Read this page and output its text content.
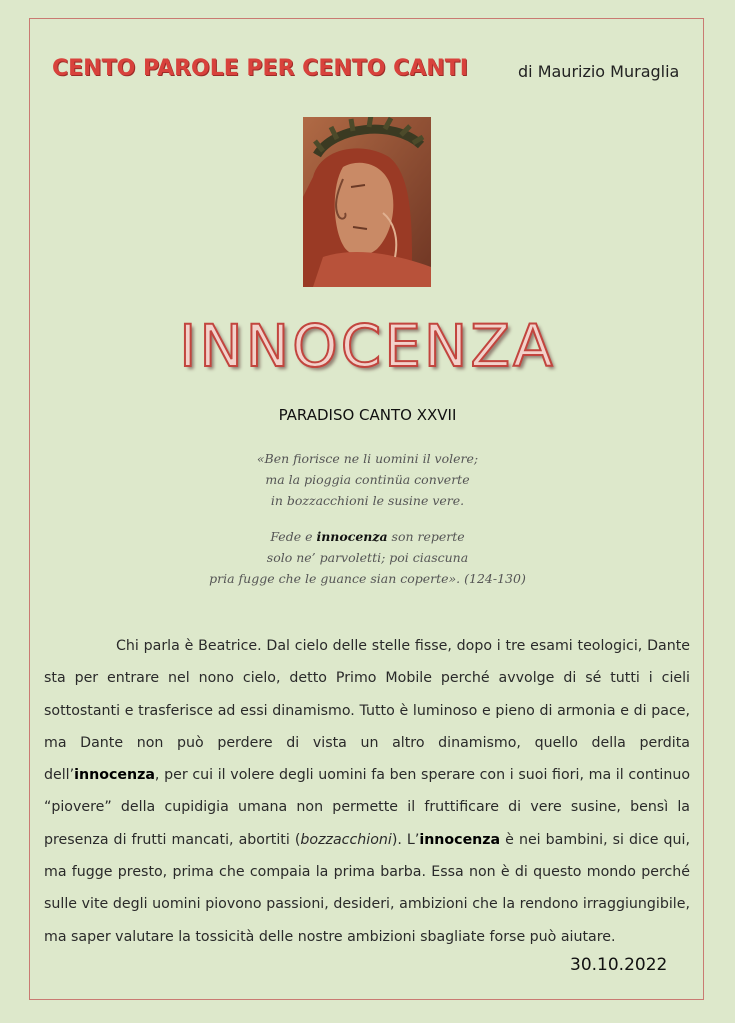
CENTO PAROLE PER CENTO CANTI	di Maurizio Muraglia
INNOCENZA
PARADISO CANTO XXVII
«Ben fiorisce ne li uomini il volere;
ma la pioggia continüa converte
in bozzacchioni le susine vere.
Fede e innocenza son reperte
solo ne’ parvoletti; poi ciascuna
pria fugge che le guance sian coperte». (124-130)

Chi parla è Beatrice. Dal cielo delle stelle fisse, dopo i tre esami teologici, Dante sta per entrare nel nono cielo, detto Primo Mobile perché avvolge di sé tutti i cieli sottostanti e trasferisce ad essi dinamismo. Tutto è luminoso e pieno di armonia e di pace, ma Dante non può perdere di vista un altro dinamismo, quello della perdita dell’innocenza, per cui il volere degli uomini fa ben sperare con i suoi fiori, ma il continuo “piovere” della cupidigia umana non permette il fruttificare di vere susine, bensì la presenza di frutti mancati, abortiti (bozzacchioni). L’innocenza è nei bambini, si dice qui, ma fugge presto, prima che compaia la prima barba. Essa non è di questo mondo perché sulle vite degli uomini piovono passioni, desideri, ambizioni che la rendono irraggiungibile, ma saper valutare la tossicità delle nostre ambizioni sbagliate forse può aiutare.

30.10.2022
